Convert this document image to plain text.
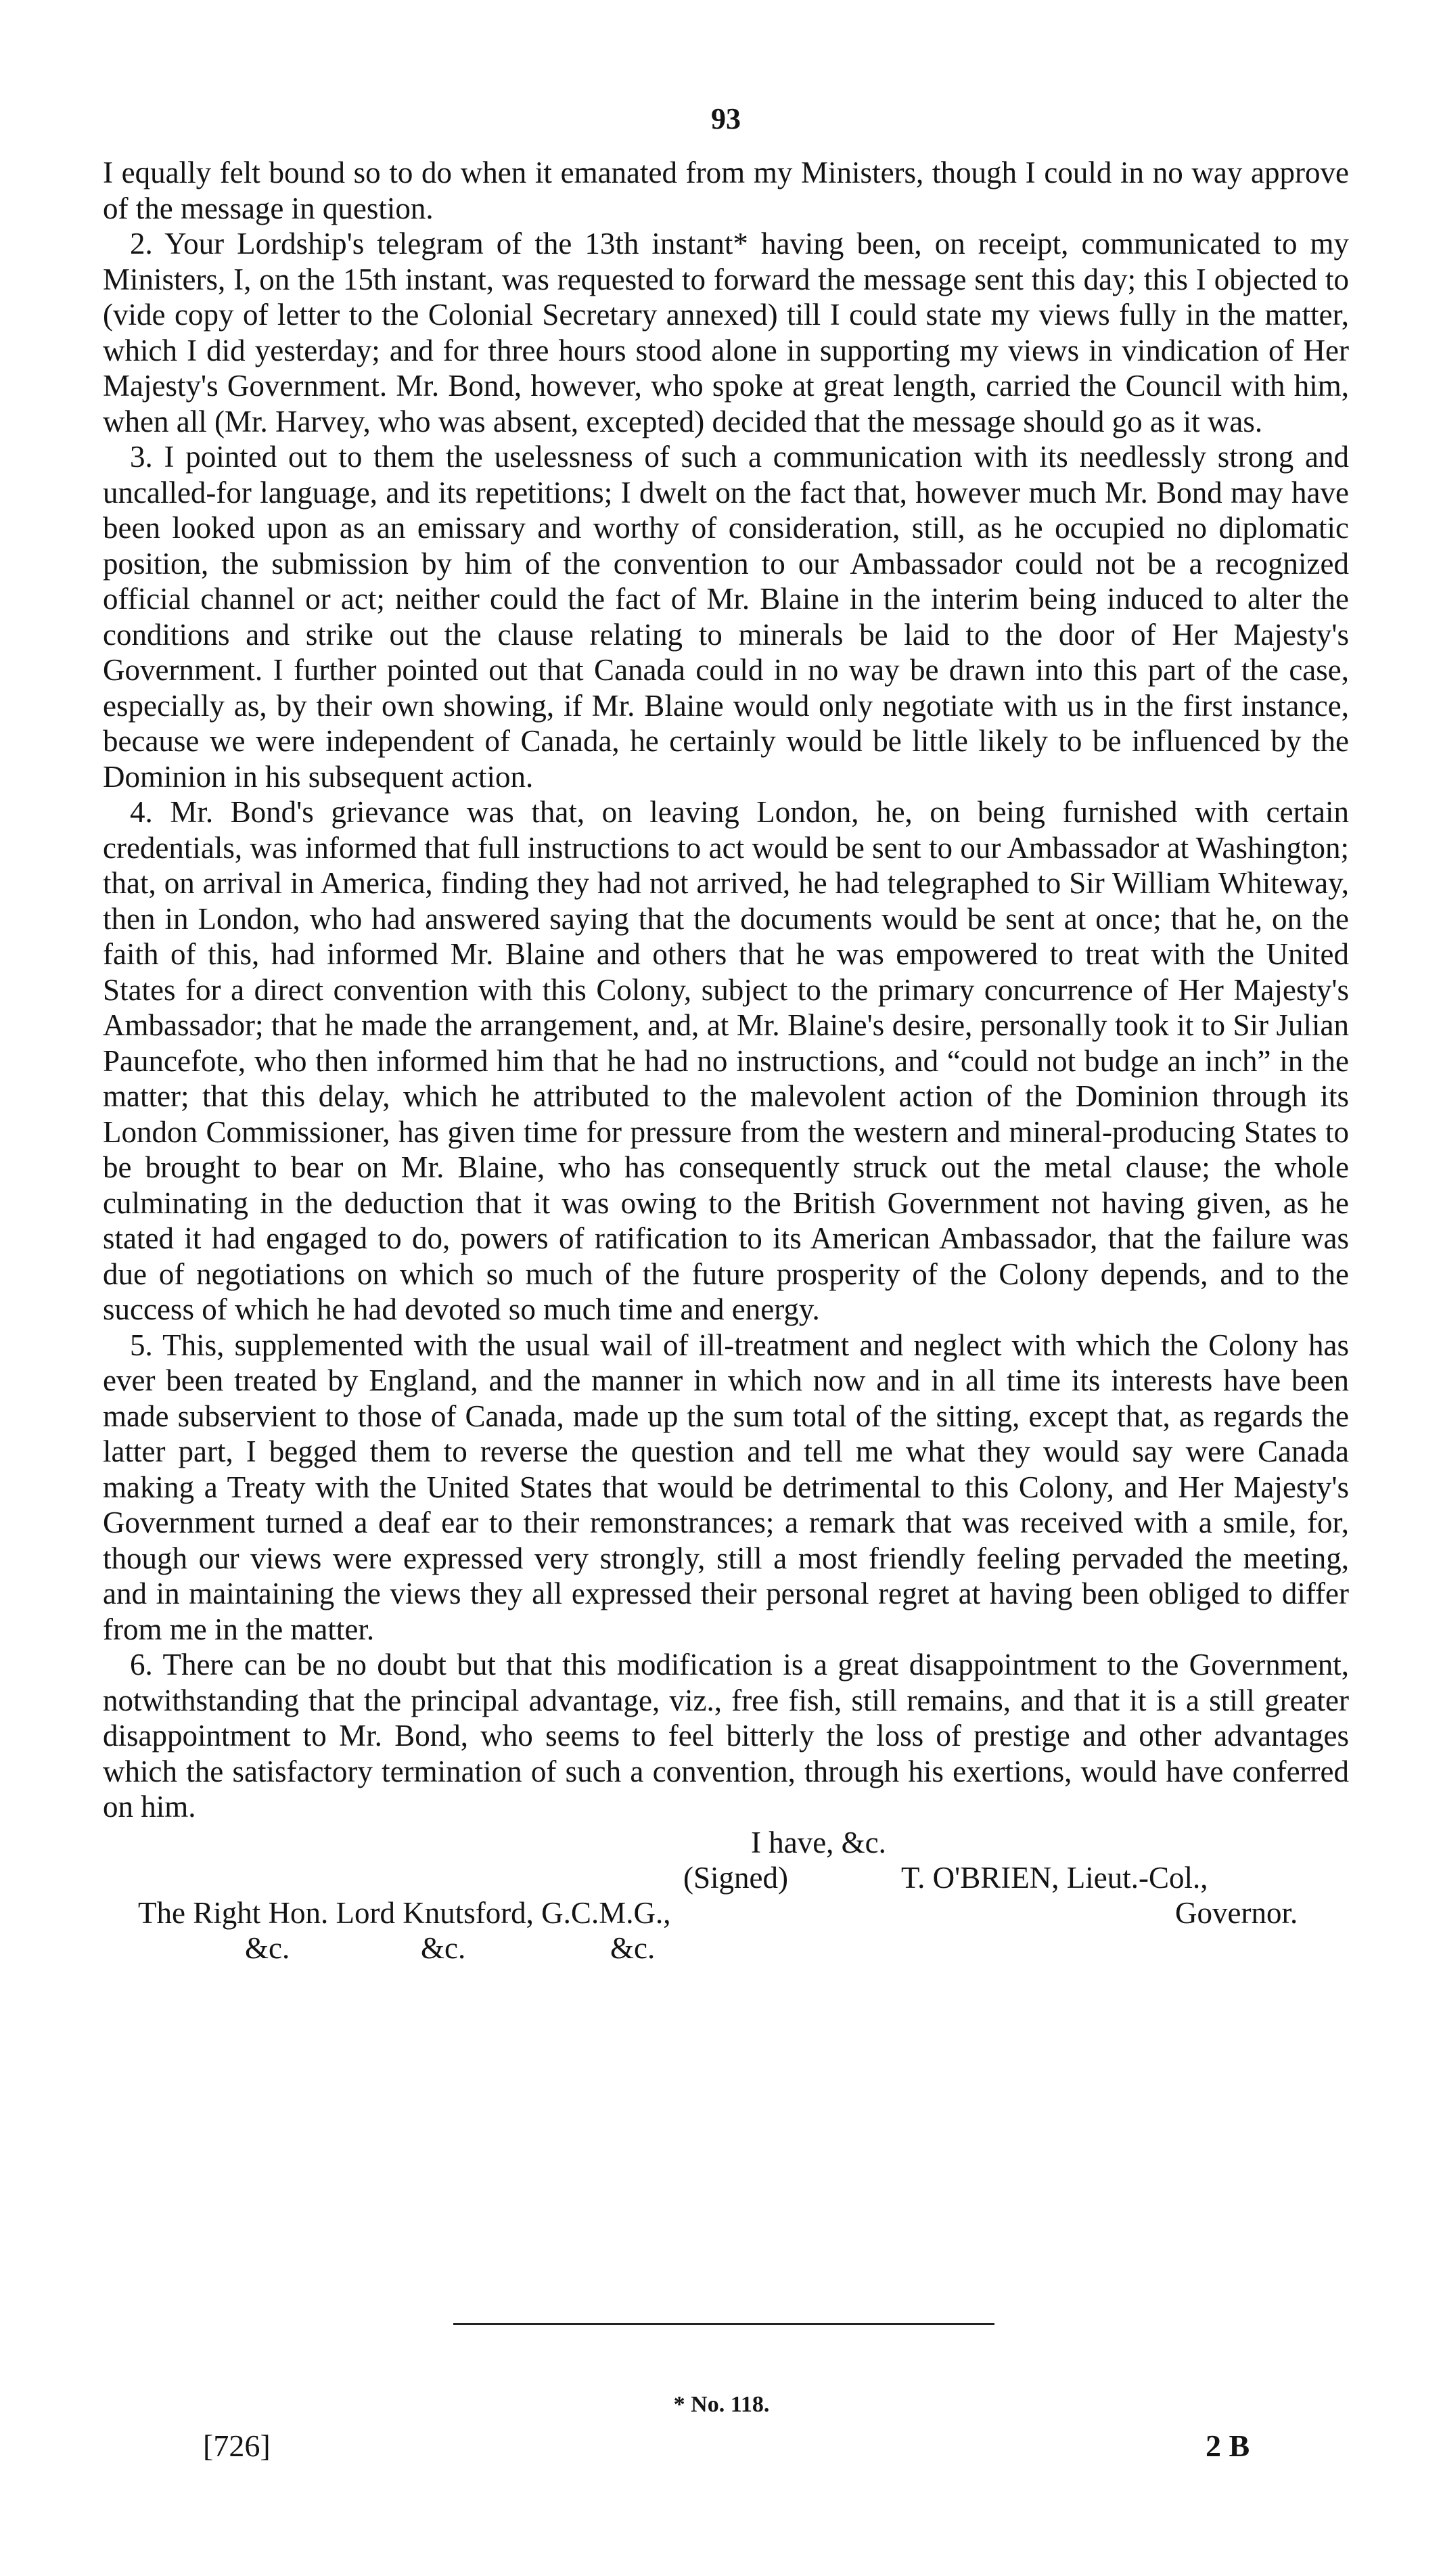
93

I equally felt bound so to do when it emanated from my Ministers, though I could in no way approve of the message in question.

2. Your Lordship's telegram of the 13th instant* having been, on receipt, communicated to my Ministers, I, on the 15th instant, was requested to forward the message sent this day; this I objected to (vide copy of letter to the Colonial Secretary annexed) till I could state my views fully in the matter, which I did yesterday; and for three hours stood alone in supporting my views in vindication of Her Majesty's Government. Mr. Bond, however, who spoke at great length, carried the Council with him, when all (Mr. Harvey, who was absent, excepted) decided that the message should go as it was.

3. I pointed out to them the uselessness of such a communication with its needlessly strong and uncalled-for language, and its repetitions; I dwelt on the fact that, however much Mr. Bond may have been looked upon as an emissary and worthy of consideration, still, as he occupied no diplomatic position, the submission by him of the convention to our Ambassador could not be a recognized official channel or act; neither could the fact of Mr. Blaine in the interim being induced to alter the conditions and strike out the clause relating to minerals be laid to the door of Her Majesty's Government. I further pointed out that Canada could in no way be drawn into this part of the case, especially as, by their own showing, if Mr. Blaine would only negotiate with us in the first instance, because we were independent of Canada, he certainly would be little likely to be influenced by the Dominion in his subsequent action.

4. Mr. Bond's grievance was that, on leaving London, he, on being furnished with certain credentials, was informed that full instructions to act would be sent to our Ambassador at Washington; that, on arrival in America, finding they had not arrived, he had telegraphed to Sir William Whiteway, then in London, who had answered saying that the documents would be sent at once; that he, on the faith of this, had informed Mr. Blaine and others that he was empowered to treat with the United States for a direct convention with this Colony, subject to the primary concurrence of Her Majesty's Ambassador; that he made the arrangement, and, at Mr. Blaine's desire, personally took it to Sir Julian Pauncefote, who then informed him that he had no instructions, and “could not budge an inch” in the matter; that this delay, which he attributed to the malevolent action of the Dominion through its London Commissioner, has given time for pressure from the western and mineral-producing States to be brought to bear on Mr. Blaine, who has consequently struck out the metal clause; the whole culminating in the deduction that it was owing to the British Government not having given, as he stated it had engaged to do, powers of ratification to its American Ambassador, that the failure was due of negotiations on which so much of the future prosperity of the Colony depends, and to the success of which he had devoted so much time and energy.

5. This, supplemented with the usual wail of ill-treatment and neglect with which the Colony has ever been treated by England, and the manner in which now and in all time its interests have been made subservient to those of Canada, made up the sum total of the sitting, except that, as regards the latter part, I begged them to reverse the question and tell me what they would say were Canada making a Treaty with the United States that would be detrimental to this Colony, and Her Majesty's Government turned a deaf ear to their remonstrances; a remark that was received with a smile, for, though our views were expressed very strongly, still a most friendly feeling pervaded the meeting, and in maintaining the views they all expressed their personal regret at having been obliged to differ from me in the matter.

6. There can be no doubt but that this modification is a great disappointment to the Government, notwithstanding that the principal advantage, viz., free fish, still remains, and that it is a still greater disappointment to Mr. Bond, who seems to feel bitterly the loss of prestige and other advantages which the satisfactory termination of such a convention, through his exertions, would have conferred on him.

I have, &c.
(Signed)	T. O'BRIEN, Lieut.-Col.,
The Right Hon. Lord Knutsford, G.C.M.G.,	Governor.
&c.	&c.	&c.
* No. 118.
[726]	2 B
